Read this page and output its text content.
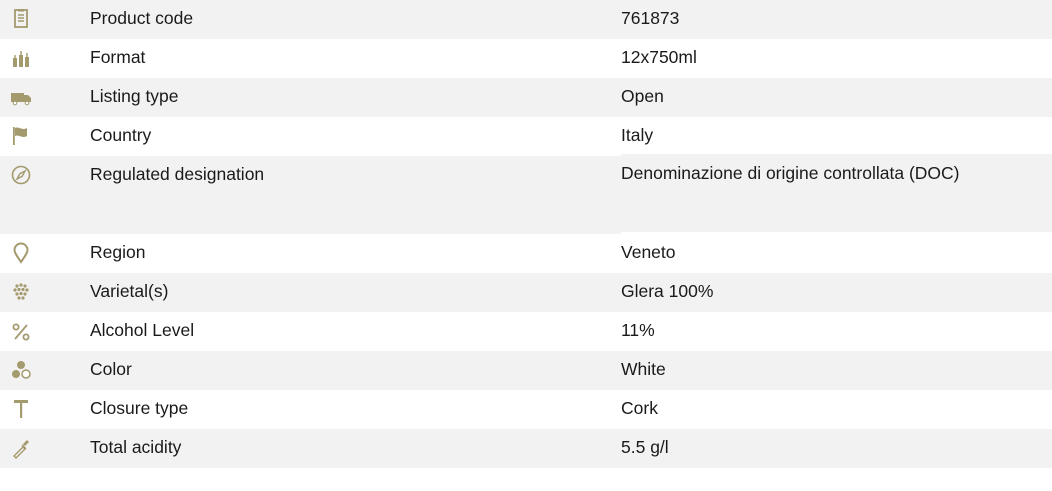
	Product code	761873

	Format	12x750ml

	Listing type	Open

	Country	Italy

	Regulated designation	Denominazione di origine controllata (DOC)

	Region	Veneto

	Varietal(s)	Glera 100%

	Alcohol Level	11%

	Color	White

	Closure type	Cork

	Total acidity	5.5 g/l
